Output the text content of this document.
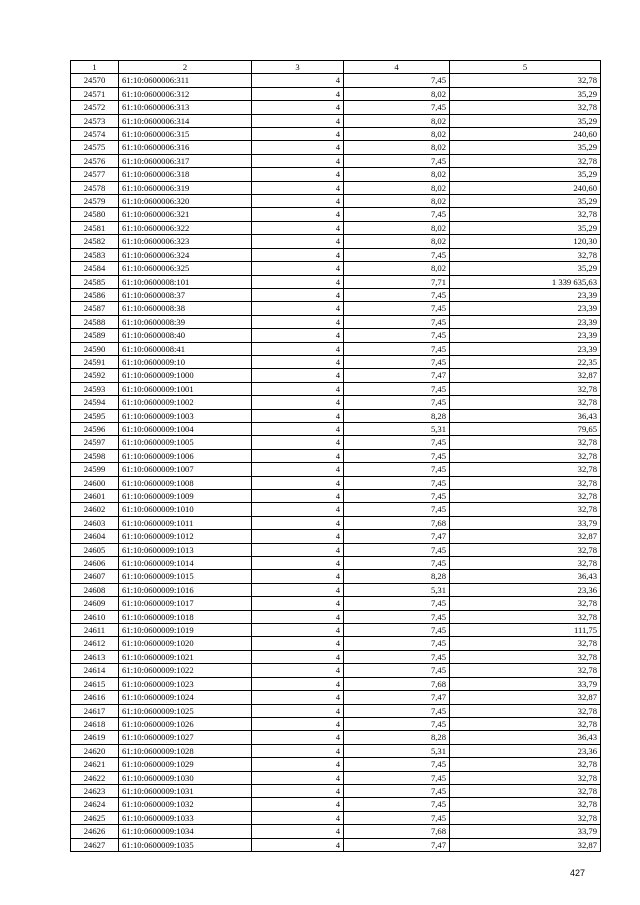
1	2	3	4	5
24570	61:10:0600006:311	4	7,45	32,78
24571	61:10:0600006:312	4	8,02	35,29
24572	61:10:0600006:313	4	7,45	32,78
24573	61:10:0600006:314	4	8,02	35,29
24574	61:10:0600006:315	4	8,02	240,60
24575	61:10:0600006:316	4	8,02	35,29
24576	61:10:0600006:317	4	7,45	32,78
24577	61:10:0600006:318	4	8,02	35,29
24578	61:10:0600006:319	4	8,02	240,60
24579	61:10:0600006:320	4	8,02	35,29
24580	61:10:0600006:321	4	7,45	32,78
24581	61:10:0600006:322	4	8,02	35,29
24582	61:10:0600006:323	4	8,02	120,30
24583	61:10:0600006:324	4	7,45	32,78
24584	61:10:0600006:325	4	8,02	35,29
24585	61:10:0600008:101	4	7,71	1 339 635,63
24586	61:10:0600008:37	4	7,45	23,39
24587	61:10:0600008:38	4	7,45	23,39
24588	61:10:0600008:39	4	7,45	23,39
24589	61:10:0600008:40	4	7,45	23,39
24590	61:10:0600008:41	4	7,45	23,39
24591	61:10:0600009:10	4	7,45	22,35
24592	61:10:0600009:1000	4	7,47	32,87
24593	61:10:0600009:1001	4	7,45	32,78
24594	61:10:0600009:1002	4	7,45	32,78
24595	61:10:0600009:1003	4	8,28	36,43
24596	61:10:0600009:1004	4	5,31	79,65
24597	61:10:0600009:1005	4	7,45	32,78
24598	61:10:0600009:1006	4	7,45	32,78
24599	61:10:0600009:1007	4	7,45	32,78
24600	61:10:0600009:1008	4	7,45	32,78
24601	61:10:0600009:1009	4	7,45	32,78
24602	61:10:0600009:1010	4	7,45	32,78
24603	61:10:0600009:1011	4	7,68	33,79
24604	61:10:0600009:1012	4	7,47	32,87
24605	61:10:0600009:1013	4	7,45	32,78
24606	61:10:0600009:1014	4	7,45	32,78
24607	61:10:0600009:1015	4	8,28	36,43
24608	61:10:0600009:1016	4	5,31	23,36
24609	61:10:0600009:1017	4	7,45	32,78
24610	61:10:0600009:1018	4	7,45	32,78
24611	61:10:0600009:1019	4	7,45	111,75
24612	61:10:0600009:1020	4	7,45	32,78
24613	61:10:0600009:1021	4	7,45	32,78
24614	61:10:0600009:1022	4	7,45	32,78
24615	61:10:0600009:1023	4	7,68	33,79
24616	61:10:0600009:1024	4	7,47	32,87
24617	61:10:0600009:1025	4	7,45	32,78
24618	61:10:0600009:1026	4	7,45	32,78
24619	61:10:0600009:1027	4	8,28	36,43
24620	61:10:0600009:1028	4	5,31	23,36
24621	61:10:0600009:1029	4	7,45	32,78
24622	61:10:0600009:1030	4	7,45	32,78
24623	61:10:0600009:1031	4	7,45	32,78
24624	61:10:0600009:1032	4	7,45	32,78
24625	61:10:0600009:1033	4	7,45	32,78
24626	61:10:0600009:1034	4	7,68	33,79
24627	61:10:0600009:1035	4	7,47	32,87
427
